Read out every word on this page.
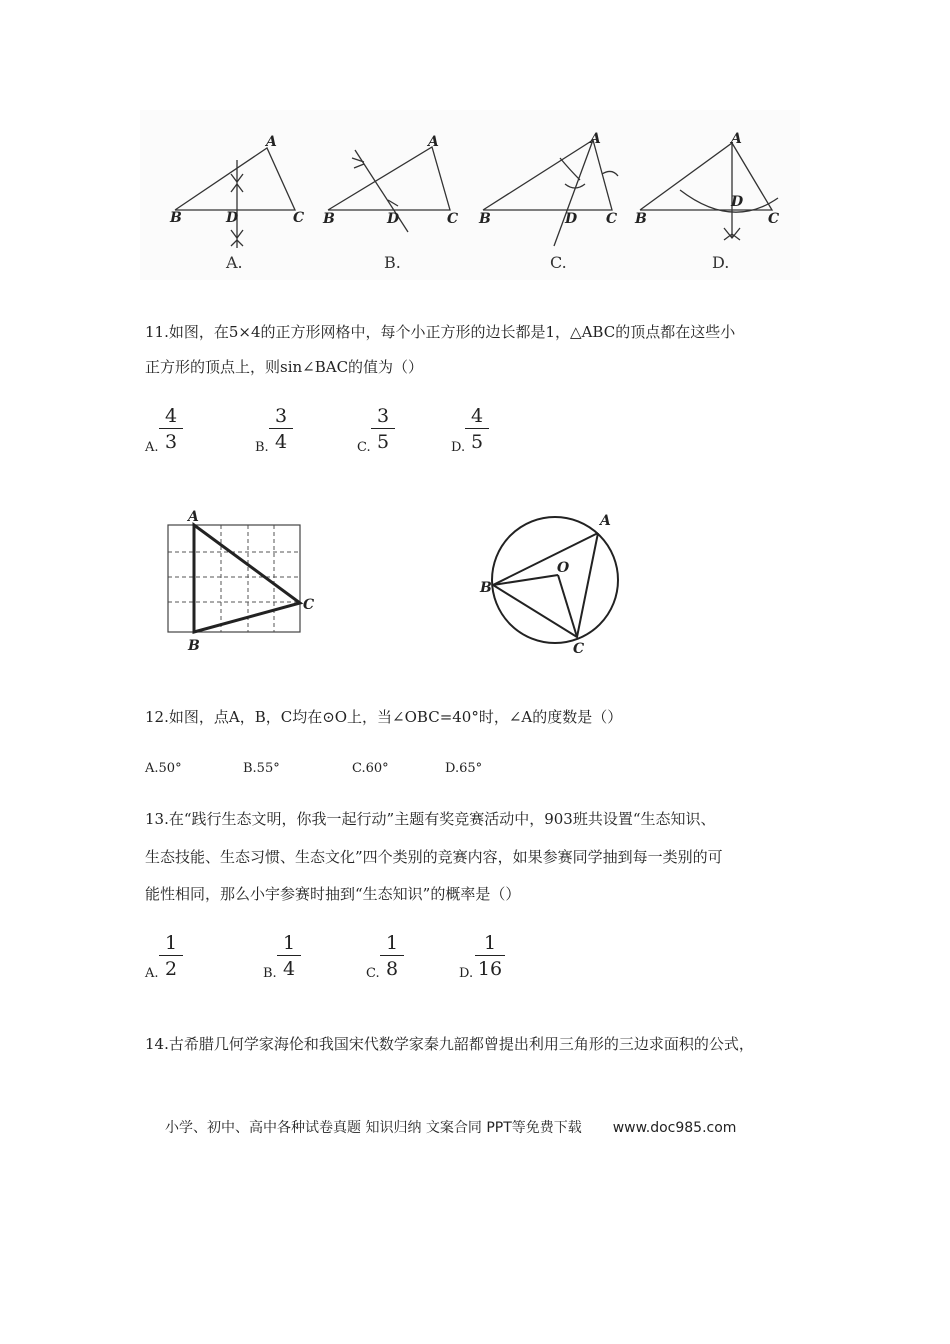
B
A
D	C B
A
D	C B
A
D C B
A
D
C
A.	B.	C.	D.
11.如图，在5×4的正方形网格中，每个小正方形的边长都是1，△ABC的顶点都在这些小
正方形的顶点上，则sin∠BAC的值为（）
A.
4
3	B.
3
4	C.
3
5	D.
4
5
A
B
C
A
B
C
O
12.如图，点A，B，C均在⊙O上，当∠OBC=40°时，∠A的度数是（）
A.50°	B.55°	C.60°	D.65°
13.在“践行生态文明，你我一起行动”主题有奖竞赛活动中，903班共设置“生态知识、
生态技能、生态习惯、生态文化”四个类别的竞赛内容，如果参赛同学抽到每一类别的可
能性相同，那么小宇参赛时抽到“生态知识”的概率是（）
A.
1
2	B.
1
4	C.
1
8	D.
1
16
14.古希腊几何学家海伦和我国宋代数学家秦九韶都曾提出利用三角形的三边求面积的公式，
小学、初中、高中各种试卷真题 知识归纳 文案合同 PPT等免费下载 www.doc985.com
